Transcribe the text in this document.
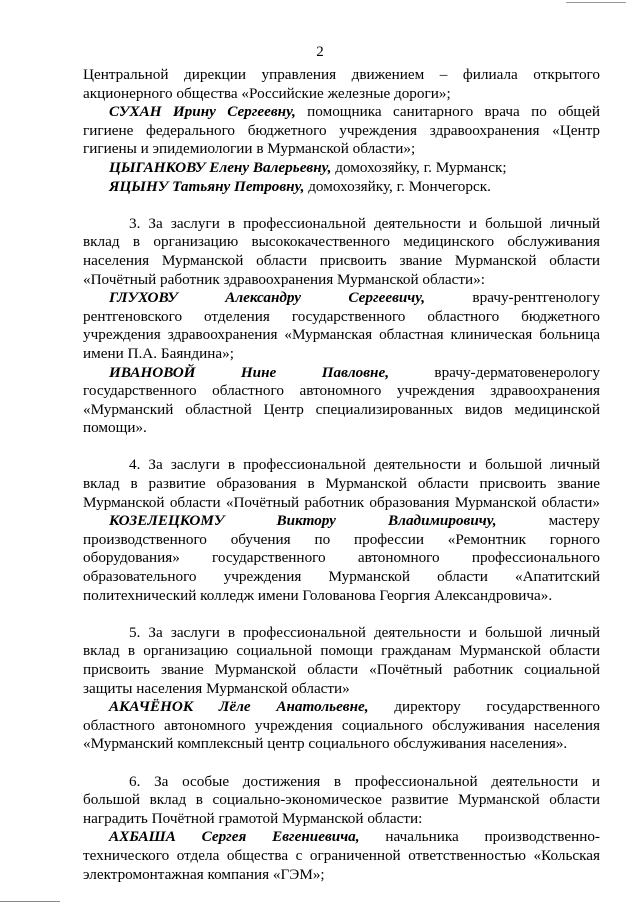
2
Центральной дирекции управления движением – филиала открытого
акционерного общества «Российские железные дороги»;
СУХАН Ирину Сергеевну, помощника санитарного врача по общей
гигиене федерального бюджетного учреждения здравоохранения «Центр
гигиены и эпидемиологии в Мурманской области»;
ЦЫГАНКОВУ Елену Валерьевну, домохозяйку, г. Мурманск;
ЯЦЫНУ Татьяну Петровну, домохозяйку, г. Мончегорск.
3. За заслуги в профессиональной деятельности и большой личный
вклад в организацию высококачественного медицинского обслуживания
населения Мурманской области присвоить звание Мурманской области
«Почётный работник здравоохранения Мурманской области»:
ГЛУХОВУ Александру Сергеевичу, врачу-рентгенологу
рентгеновского отделения государственного областного бюджетного
учреждения здравоохранения «Мурманская областная клиническая больница
имени П.А. Баяндина»;
ИВАНОВОЙ Нине Павловне, врачу-дерматовенерологу
государственного областного автономного учреждения здравоохранения
«Мурманский областной Центр специализированных видов медицинской
помощи».
4. За заслуги в профессиональной деятельности и большой личный
вклад в развитие образования в Мурманской области присвоить звание
Мурманской области «Почётный работник образования Мурманской области»
КОЗЕЛЕЦКОМУ Виктору Владимировичу, мастеру
производственного обучения по профессии «Ремонтник горного
оборудования» государственного автономного профессионального
образовательного учреждения Мурманской области «Апатитский
политехнический колледж имени Голованова Георгия Александровича».
5. За заслуги в профессиональной деятельности и большой личный
вклад в организацию социальной помощи гражданам Мурманской области
присвоить звание Мурманской области «Почётный работник социальной
защиты населения Мурманской области»
АКАЧЁНОК Лёле Анатольевне, директору государственного
областного автономного учреждения социального обслуживания населения
«Мурманский комплексный центр социального обслуживания населения».
6. За особые достижения в профессиональной деятельности и
большой вклад в социально-экономическое развитие Мурманской области
наградить Почётной грамотой Мурманской области:
АХБАША Сергея Евгениевича, начальника производственно-
технического отдела общества с ограниченной ответственностью «Кольская
электромонтажная компания «ГЭМ»;
